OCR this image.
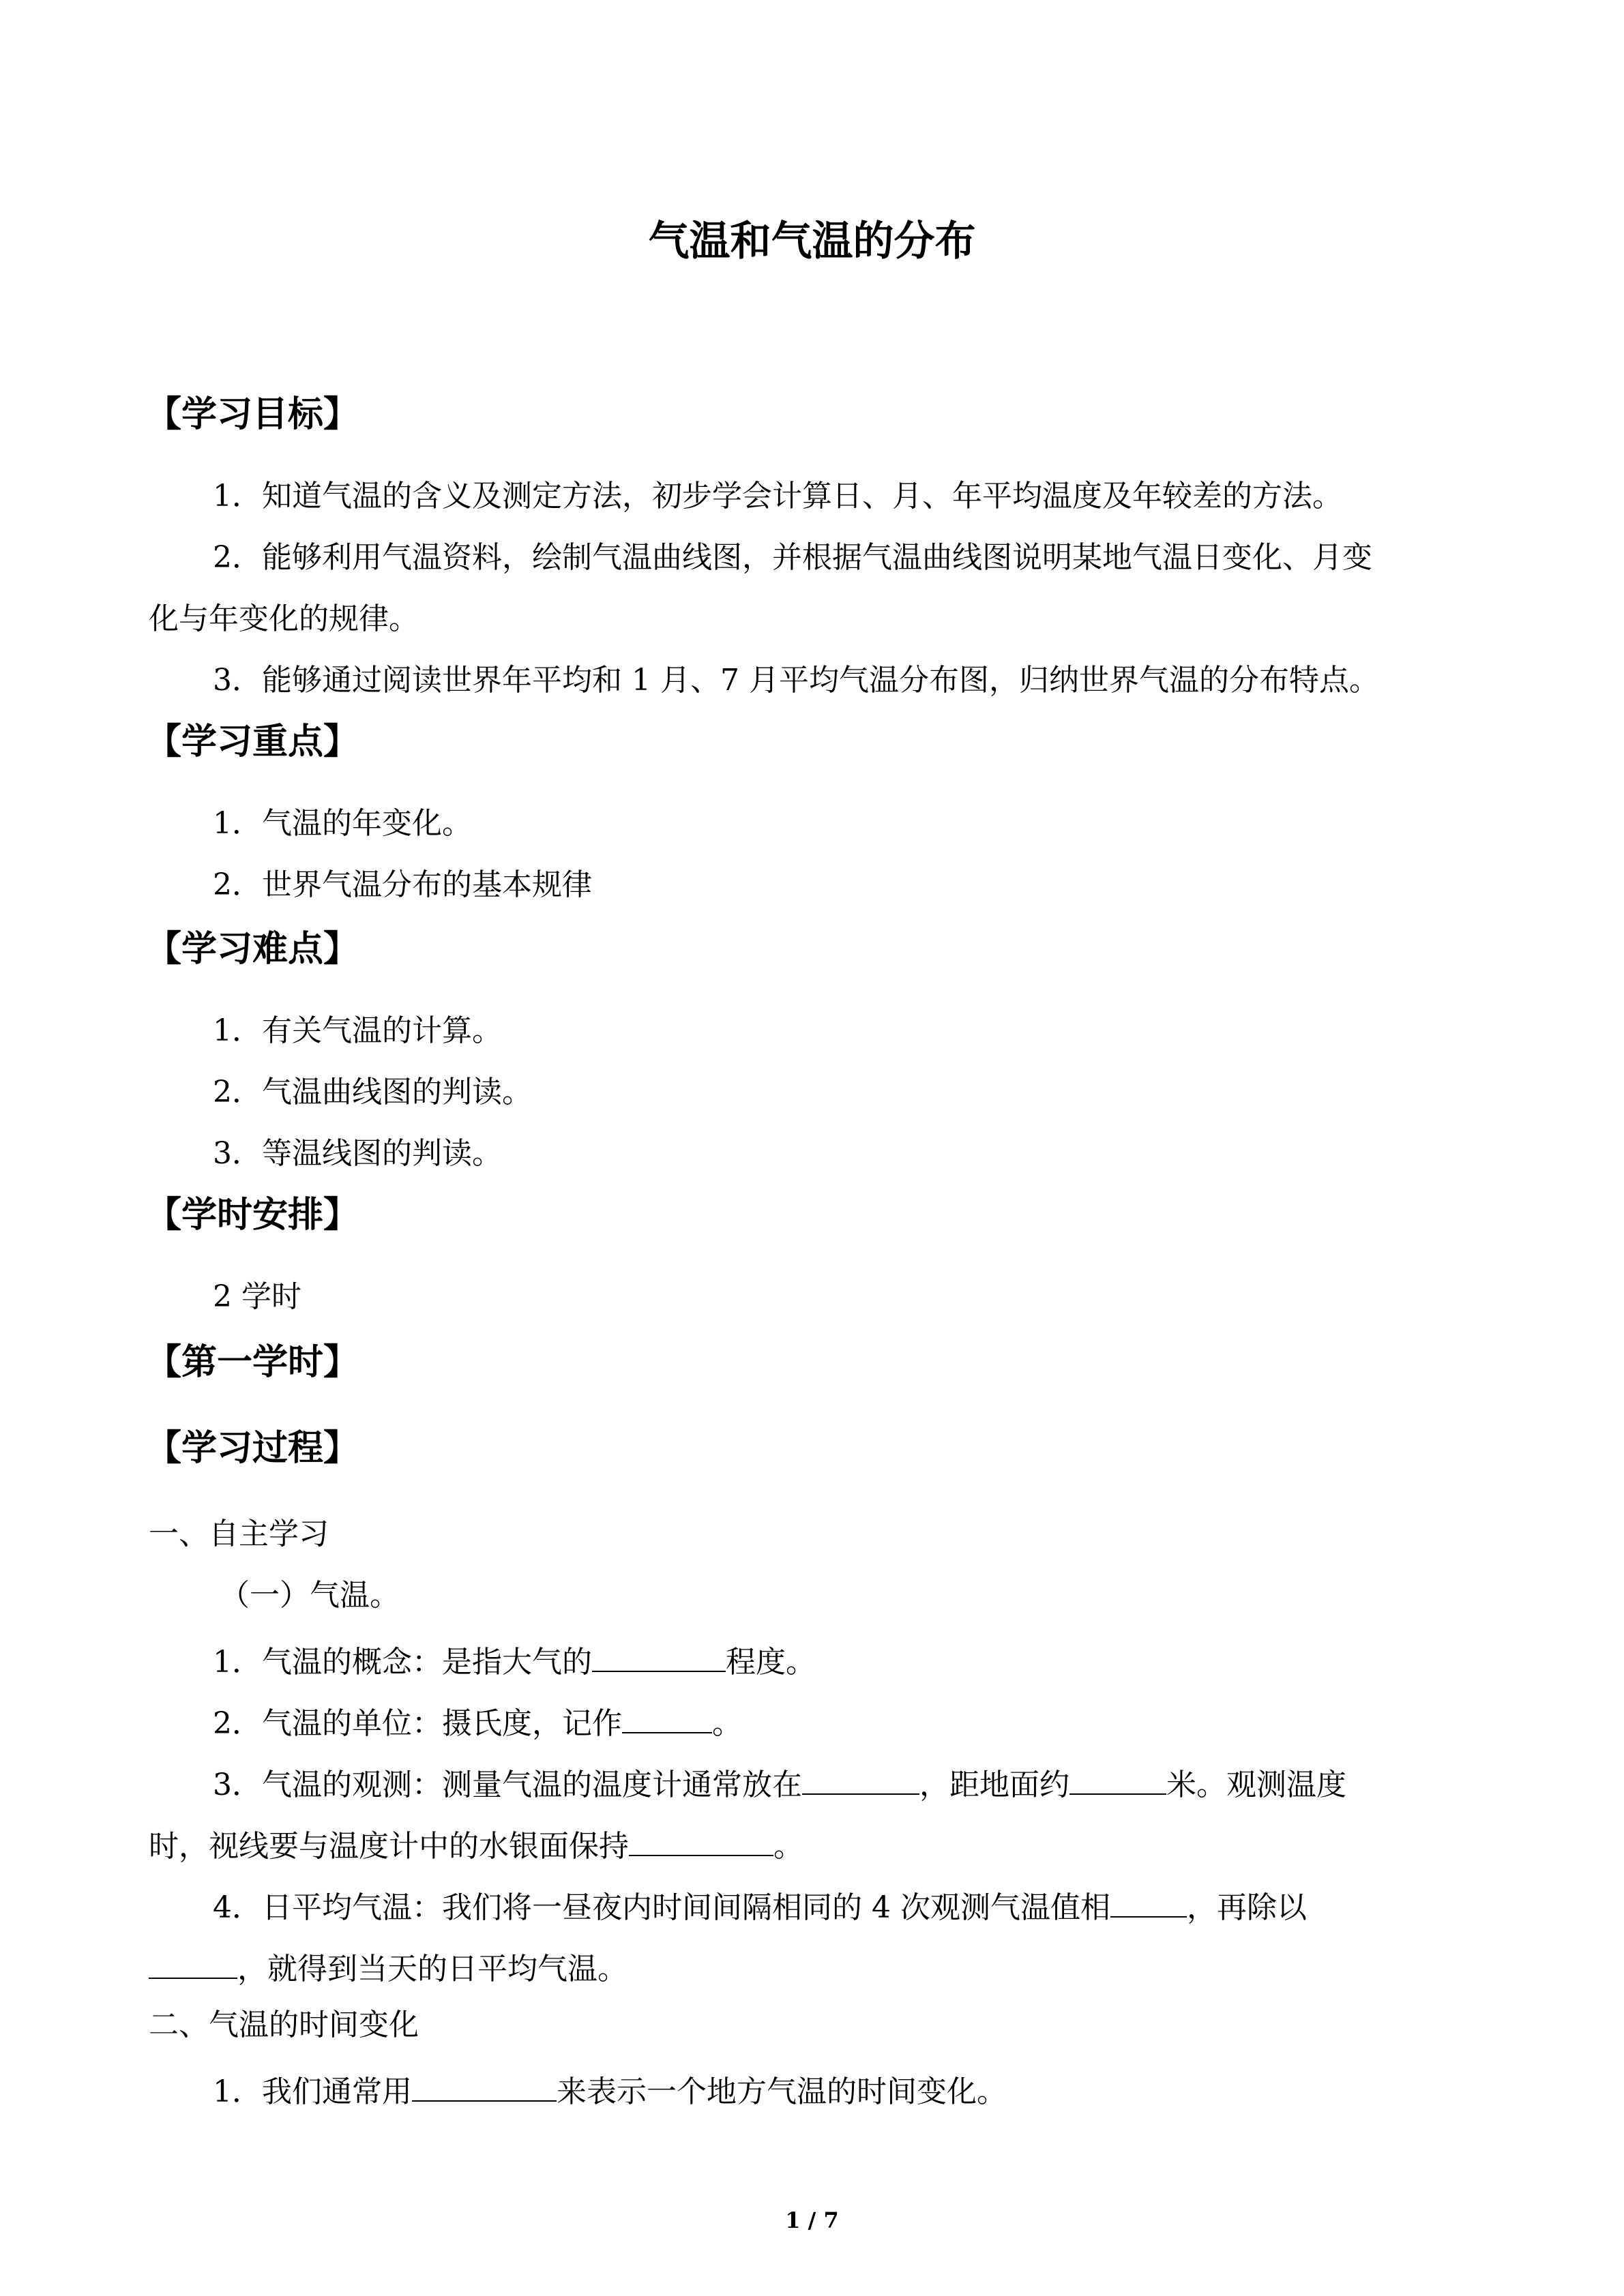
气温和气温的分布
【学习目标】
1．知道气温的含义及测定方法，初步学会计算日、月、年平均温度及年较差的方法。
2．能够利用气温资料，绘制气温曲线图，并根据气温曲线图说明某地气温日变化、月变
化与年变化的规律。
3．能够通过阅读世界年平均和 1 月、7 月平均气温分布图，归纳世界气温的分布特点。
【学习重点】
1．气温的年变化。
2．世界气温分布的基本规律
【学习难点】
1．有关气温的计算。
2．气温曲线图的判读。
3．等温线图的判读。
【学时安排】
2 学时
【第一学时】
【学习过程】
一、自主学习
（一）气温。
1．气温的概念：是指大气的	程度。
2．气温的单位：摄氏度，记作	。
3．气温的观测：测量气温的温度计通常放在	，距地面约	米。观测温度
时，视线要与温度计中的水银面保持	。
4．日平均气温：我们将一昼夜内时间间隔相同的 4 次观测气温值相	，再除以
，就得到当天的日平均气温。
二、气温的时间变化
1．我们通常用	来表示一个地方气温的时间变化。
1 / 7
